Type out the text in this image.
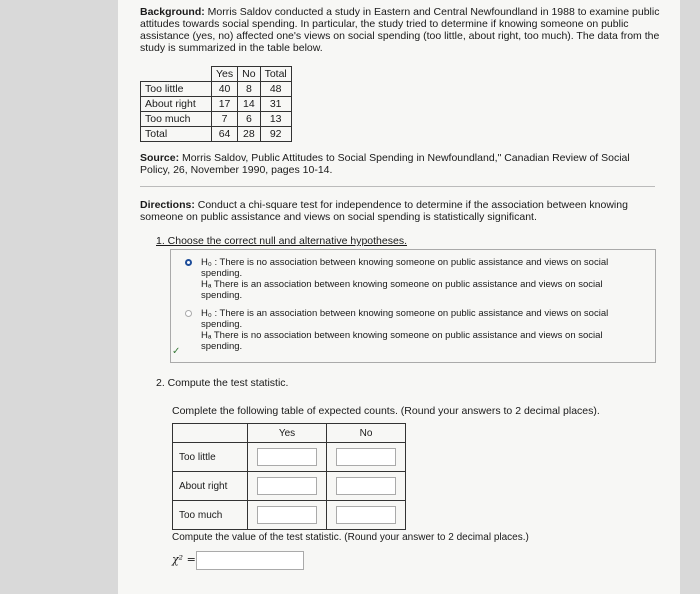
Background: Morris Saldov conducted a study in Eastern and Central Newfoundland in 1988 to examine public attitudes towards social spending. In particular, the study tried to determine if knowing someone on public assistance (yes, no) affected one's views on social spending (too little, about right, too much). The data from the study is summarized in the table below.
	Yes	No	Total
Too little	40	8	48
About right	17	14	31
Too much	7	6	13
Total	64	28	92
Source: Morris Saldov, Public Attitudes to Social Spending in Newfoundland," Canadian Review of Social Policy, 26, November 1990, pages 10-14.
Directions: Conduct a chi-square test for independence to determine if the association between knowing someone on public assistance and views on social spending is statistically significant.
1. Choose the correct null and alternative hypotheses.
H₀ : There is no association between knowing someone on public assistance and views on social spending.
Hₐ There is an association between knowing someone on public assistance and views on social spending.
H₀ : There is an association between knowing someone on public assistance and views on social spending.
Hₐ There is no association between knowing someone on public assistance and views on social spending.
✓
2. Compute the test statistic.
Complete the following table of expected counts. (Round your answers to 2 decimal places).
	Yes	No
Too little	

About right	

Too much	

Compute the value of the test statistic. (Round your answer to 2 decimal places.)
χ² =
